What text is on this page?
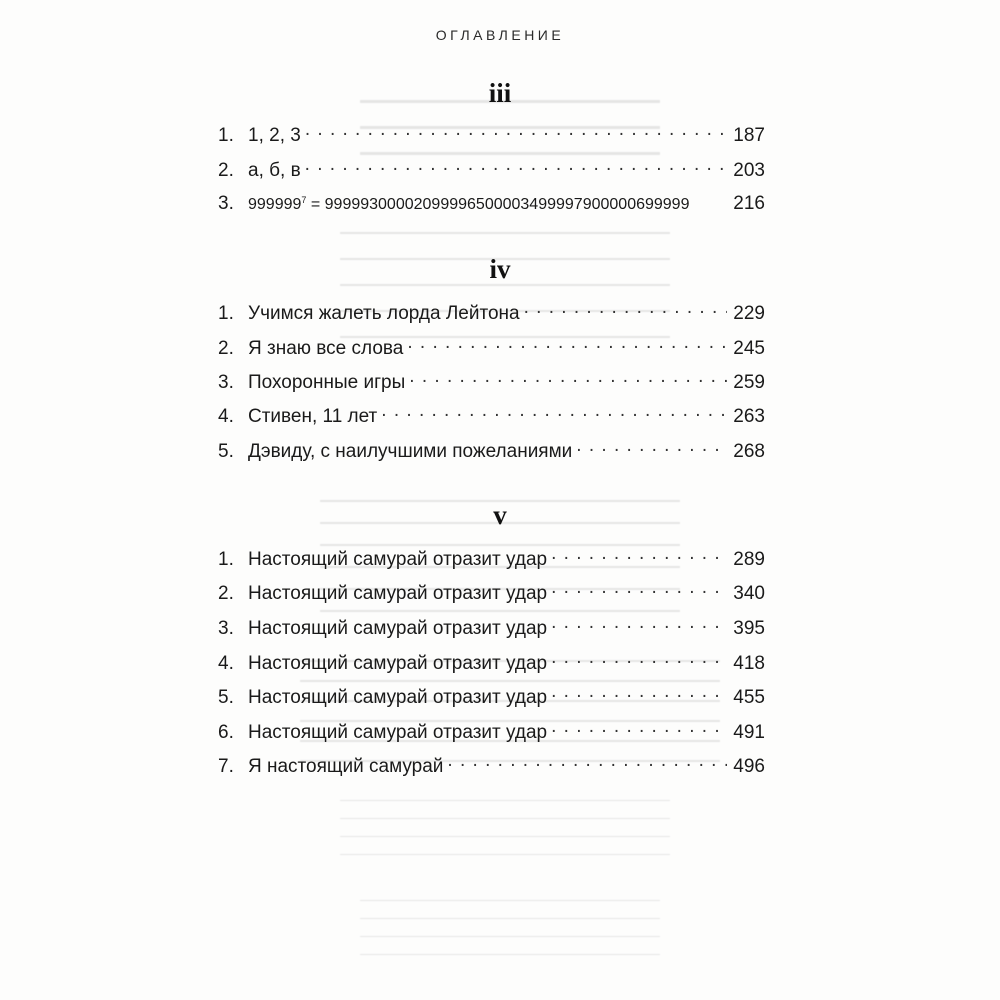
ОГЛАВЛЕНИЕ
iii
1. 1, 2, 3 . . .	187
2. а, б, в . . .	203
3. $999999^7 = 99999300002099996500003499997900000699999$ 216
iv
1. Учимся жалеть лорда Лейтона . . .	229
2. Я знаю все слова . . .	245
3. Похоронные игры . . .	259
4. Стивен, 11 лет . . .	263
5. Дэвиду, с наилучшими пожеланиями . . .	268
v
1. Настоящий самурай отразит удар . . .	289
2. Настоящий самурай отразит удар . . .	340
3. Настоящий самурай отразит удар . . .	395
4. Настоящий самурай отразит удар . . .	418
5. Настоящий самурай отразит удар . . .	455
6. Настоящий самурай отразит удар . . .	491
7. Я настоящий самурай . . .	496
